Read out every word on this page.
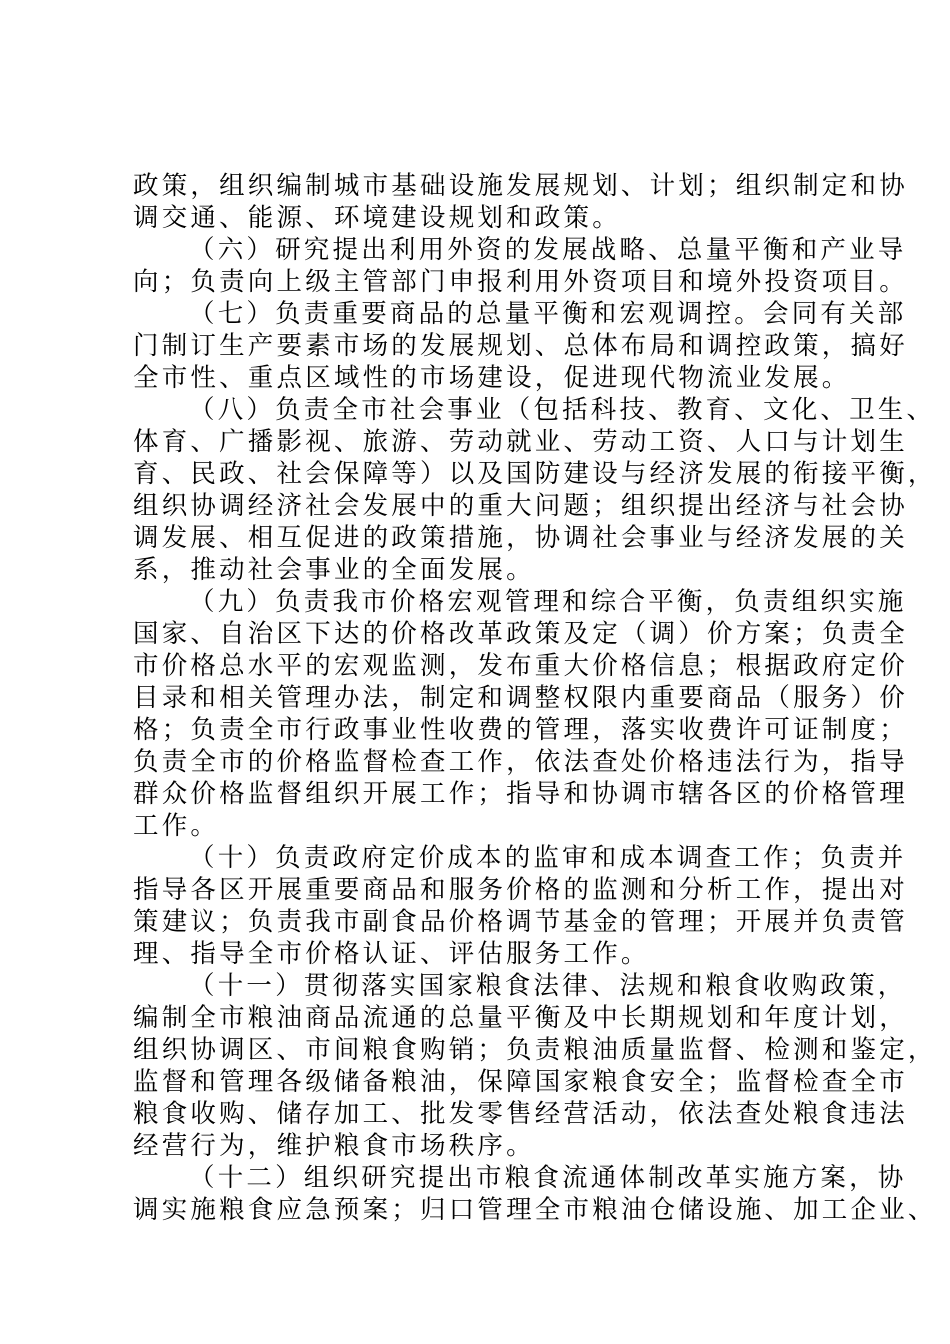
政策，组织编制城市基础设施发展规划、计划；组织制定和协
调交通、能源、环境建设规划和政策。
（六）研究提出利用外资的发展战略、总量平衡和产业导
向；负责向上级主管部门申报利用外资项目和境外投资项目。
（七）负责重要商品的总量平衡和宏观调控。会同有关部
门制订生产要素市场的发展规划、总体布局和调控政策，搞好
全市性、重点区域性的市场建设，促进现代物流业发展。
（八）负责全市社会事业（包括科技、教育、文化、卫生、
体育、广播影视、旅游、劳动就业、劳动工资、人口与计划生
育、民政、社会保障等）以及国防建设与经济发展的衔接平衡，
组织协调经济社会发展中的重大问题；组织提出经济与社会协
调发展、相互促进的政策措施，协调社会事业与经济发展的关
系，推动社会事业的全面发展。
（九）负责我市价格宏观管理和综合平衡，负责组织实施
国家、自治区下达的价格改革政策及定（调）价方案；负责全
市价格总水平的宏观监测，发布重大价格信息；根据政府定价
目录和相关管理办法，制定和调整权限内重要商品（服务）价
格；负责全市行政事业性收费的管理，落实收费许可证制度；
负责全市的价格监督检查工作，依法查处价格违法行为，指导
群众价格监督组织开展工作；指导和协调市辖各区的价格管理
工作。
（十）负责政府定价成本的监审和成本调查工作；负责并
指导各区开展重要商品和服务价格的监测和分析工作，提出对
策建议；负责我市副食品价格调节基金的管理；开展并负责管
理、指导全市价格认证、评估服务工作。
（十一）贯彻落实国家粮食法律、法规和粮食收购政策，
编制全市粮油商品流通的总量平衡及中长期规划和年度计划，
组织协调区、市间粮食购销；负责粮油质量监督、检测和鉴定，
监督和管理各级储备粮油，保障国家粮食安全；监督检查全市
粮食收购、储存加工、批发零售经营活动，依法查处粮食违法
经营行为，维护粮食市场秩序。
（十二）组织研究提出市粮食流通体制改革实施方案，协
调实施粮食应急预案；归口管理全市粮油仓储设施、加工企业、
